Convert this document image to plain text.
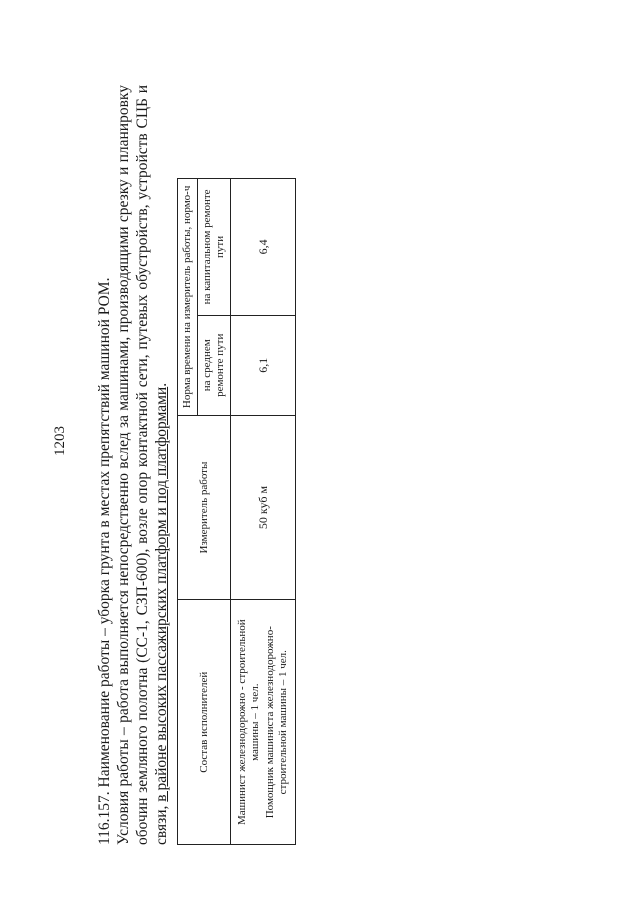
1203 116.157. Наименование работы – уборка грунта в местах препятствий машиной РОМ. Условия работы – работа выполняется непосредственно вслед за машинами, производящими срезку и планировку обочин земляного полотна (СС-1, СЗП-600), возле опор контактной сети, путевых обустройств, устройств СЦБ и связи, в районе высоких пассажирских платформ и под платформами.

Состав исполнителей	Измеритель работы	Норма времени на измеритель работы, нормо-ч	
		на среднем ремонте пути	на капитальном ремонте пути

Машинист железнодорожно - строительной машины – 1 чел. Помощник машиниста железнодорожно-строительной машины – 1 чел.	50 куб м	6,1	6,4
